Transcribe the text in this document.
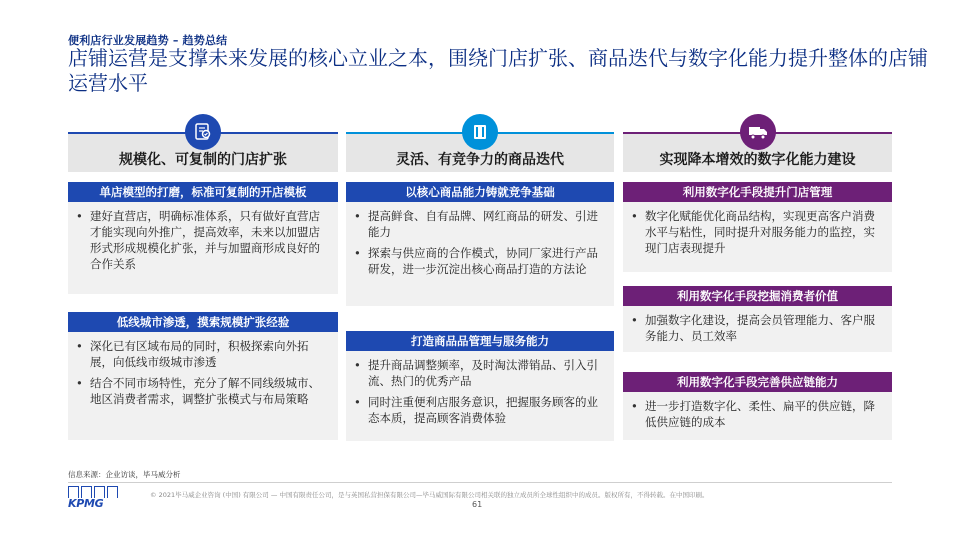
便利店行业发展趋势 – 趋势总结
店铺运营是支撑未来发展的核心立业之本，围绕门店扩张、商品迭代与数字化能力提升整体的店铺运营水平
规模化、可复制的门店扩张
单店模型的打磨，标准可复制的开店模板
• 建好直营店，明确标准体系，只有做好直营店才能实现向外推广，提高效率，未来以加盟店形式形成规模化扩张，并与加盟商形成良好的合作关系
低线城市渗透，摸索规模扩张经验
• 深化已有区域布局的同时，积极探索向外拓展，向低线市级城市渗透
• 结合不同市场特性，充分了解不同线级城市、地区消费者需求，调整扩张模式与布局策略
灵活、有竞争力的商品迭代
以核心商品能力铸就竞争基础
• 提高鲜食、自有品牌、网红商品的研发、引进能力
• 探索与供应商的合作模式，协同厂家进行产品研发，进一步沉淀出核心商品打造的方法论
打造商品品管理与服务能力
• 提升商品调整频率，及时淘汰滞销品、引入引流、热门的优秀产品
• 同时注重便利店服务意识，把握服务顾客的业态本质，提高顾客消费体验
实现降本增效的数字化能力建设
利用数字化手段提升门店管理
• 数字化赋能优化商品结构，实现更高客户消费水平与粘性，同时提升对服务能力的监控，实现门店表现提升
利用数字化手段挖掘消费者价值
• 加强数字化建设，提高会员管理能力、客户服务能力、员工效率
利用数字化手段完善供应链能力
• 进一步打造数字化、柔性、扁平的供应链，降低供应链的成本
信息来源：企业访谈，毕马威分析
KPMG
© 2021毕马威企业咨询 (中国) 有限公司 — 中国有限责任公司，是与英国私营担保有限公司—毕马威国际有限公司相关联的独立成员所全球性组织中的成员。版权所有，不得转载。在中国印刷。
61
